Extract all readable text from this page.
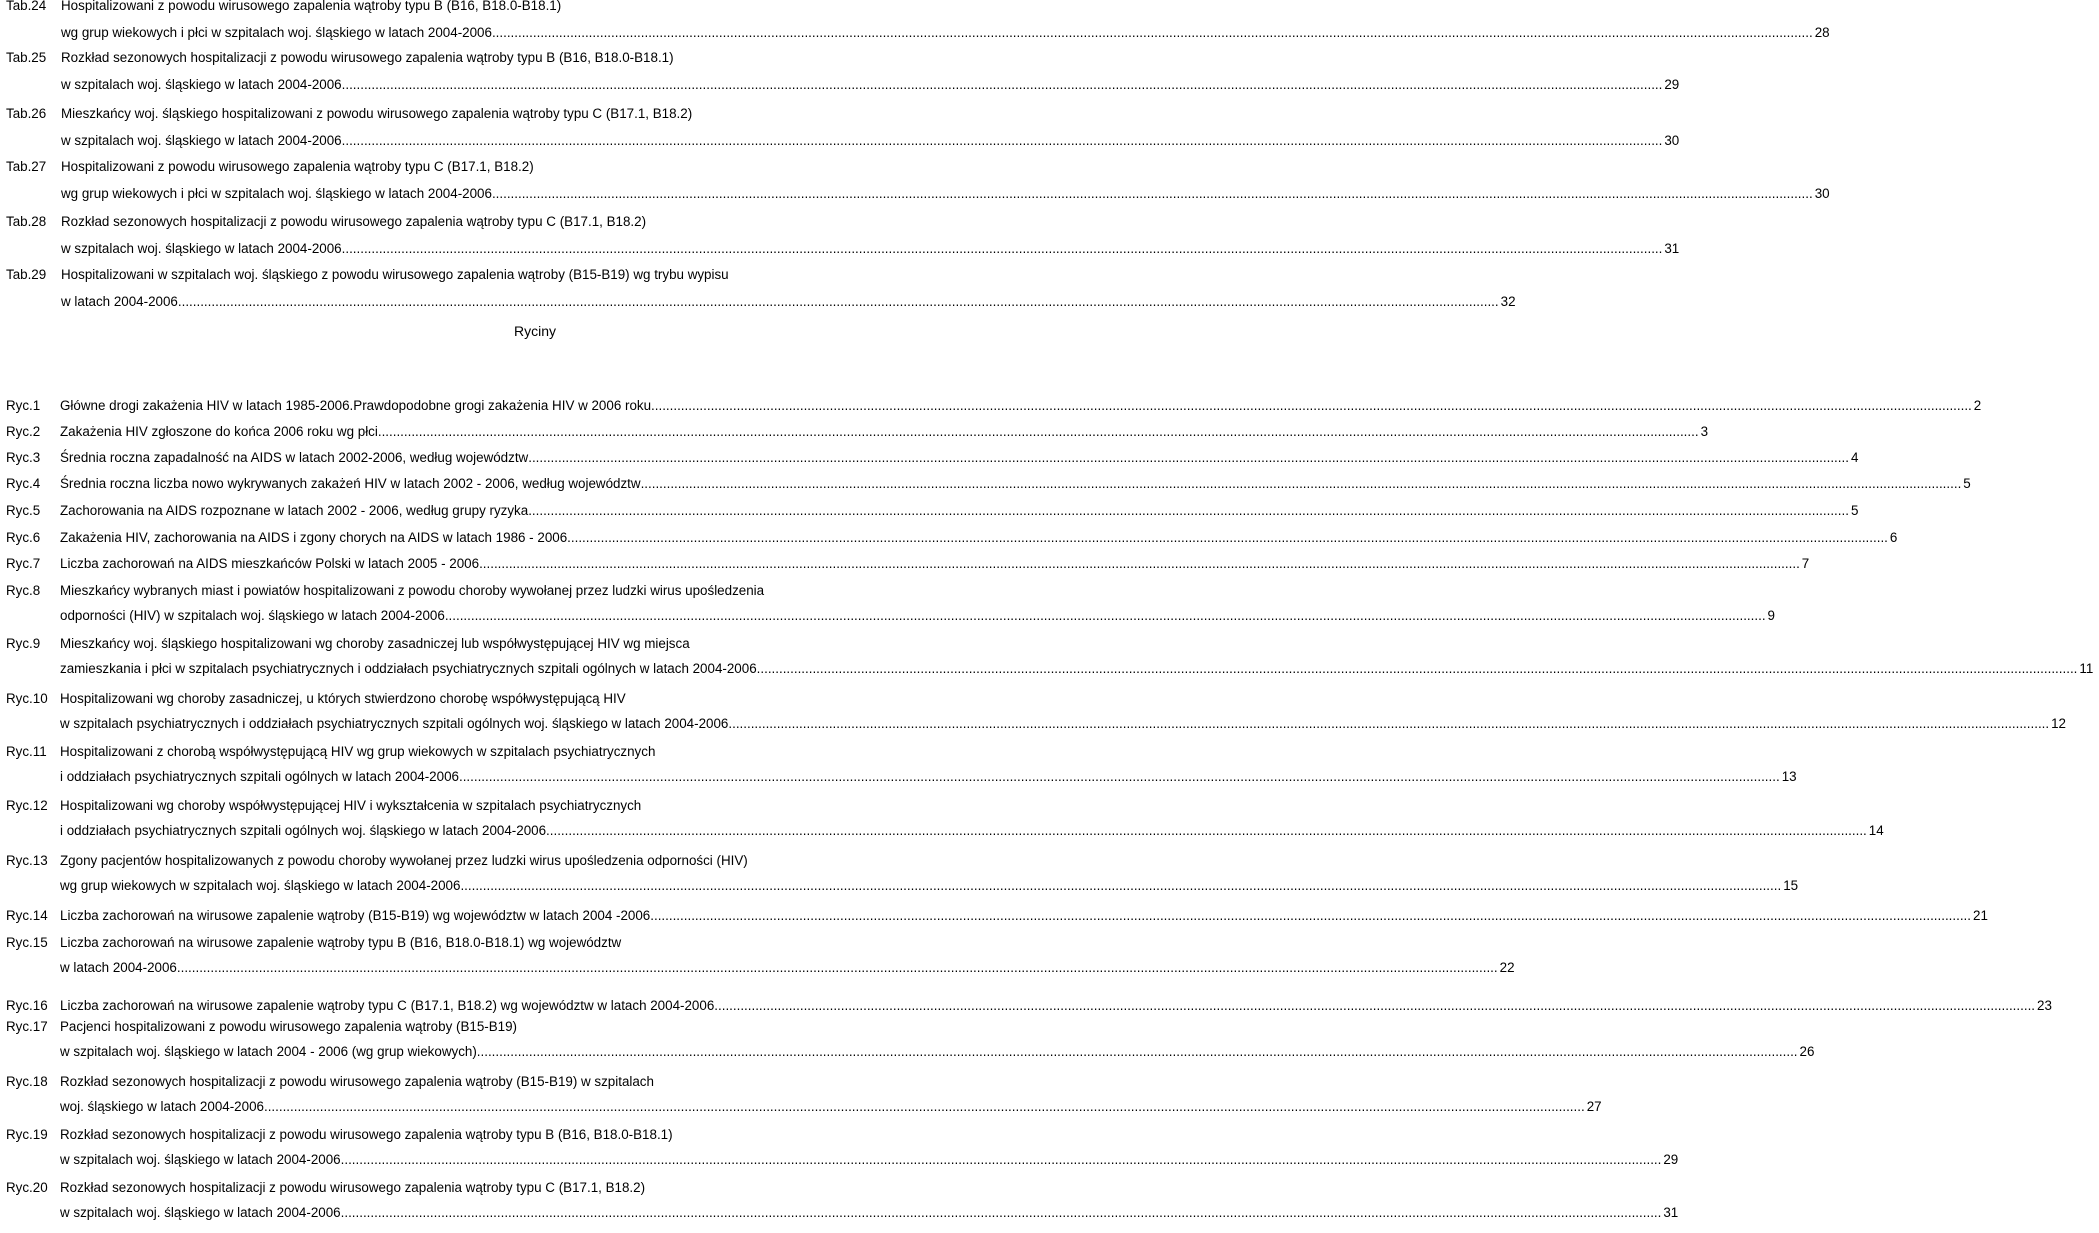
Tab.24 Hospitalizowani z powodu wirusowego zapalenia wątroby typu B (B16, B18.0-B18.1)
wg grup wiekowych i płci w szpitalach woj. śląskiego w latach 2004-2006 .....	28
Tab.25 Rozkład sezonowych hospitalizacji z powodu wirusowego zapalenia wątroby typu B (B16, B18.0-B18.1)
w szpitalach woj. śląskiego w latach 2004-2006 .....	29
Tab.26 Mieszkańcy woj. śląskiego hospitalizowani z powodu wirusowego zapalenia wątroby typu C (B17.1, B18.2)
w szpitalach woj. śląskiego w latach 2004-2006 .....	30
Tab.27 Hospitalizowani z powodu wirusowego zapalenia wątroby typu C (B17.1, B18.2)
wg grup wiekowych i płci w szpitalach woj. śląskiego w latach 2004-2006 .....	30
Tab.28 Rozkład sezonowych hospitalizacji z powodu wirusowego zapalenia wątroby typu C (B17.1, B18.2)
w szpitalach woj. śląskiego w latach 2004-2006 .....	31
Tab.29 Hospitalizowani w szpitalach woj. śląskiego z powodu wirusowego zapalenia wątroby (B15-B19) wg trybu wypisu
w latach 2004-2006 .....	32
Ryciny
Ryc.1 Główne drogi zakażenia HIV w latach 1985-2006.Prawdopodobne grogi zakażenia HIV w 2006 roku .....	2
Ryc.2 Zakażenia HIV zgłoszone do końca 2006 roku wg płci .....	3
Ryc.3 Średnia roczna zapadalność na AIDS w latach 2002-2006, według województw .....	4
Ryc.4 Średnia roczna liczba nowo wykrywanych zakażeń HIV w latach 2002 - 2006, według województw .....	5
Ryc.5 Zachorowania na AIDS rozpoznane w latach 2002 - 2006, według grupy ryzyka .....	5
Ryc.6 Zakażenia HIV, zachorowania na AIDS i zgony chorych na AIDS w latach 1986 - 2006 .....	6
Ryc.7 Liczba zachorowań na AIDS mieszkańców Polski w latach 2005 - 2006 .....	7
Ryc.8 Mieszkańcy wybranych miast i powiatów hospitalizowani z powodu choroby wywołanej przez ludzki wirus upośledzenia
odporności (HIV) w szpitalach woj. śląskiego w latach 2004-2006 .....	9
Ryc.9 Mieszkańcy woj. śląskiego hospitalizowani wg choroby zasadniczej lub współwystępującej HIV wg miejsca
zamieszkania i płci w szpitalach psychiatrycznych i oddziałach psychiatrycznych szpitali ogólnych w latach 2004-2006 .....	11
Ryc.10 Hospitalizowani wg choroby zasadniczej, u których stwierdzono chorobę współwystępującą HIV
w szpitalach psychiatrycznych i oddziałach psychiatrycznych szpitali ogólnych woj. śląskiego w latach 2004-2006 .....	12
Ryc.11 Hospitalizowani z chorobą współwystępującą HIV wg grup wiekowych w szpitalach psychiatrycznych
i oddziałach psychiatrycznych szpitali ogólnych w latach 2004-2006 .....	13
Ryc.12 Hospitalizowani wg choroby współwystępującej HIV i wykształcenia w szpitalach psychiatrycznych
i oddziałach psychiatrycznych szpitali ogólnych woj. śląskiego w latach 2004-2006 .....	14
Ryc.13 Zgony pacjentów hospitalizowanych z powodu choroby wywołanej przez ludzki wirus upośledzenia odporności (HIV)
wg grup wiekowych w szpitalach woj. śląskiego w latach 2004-2006 .....	15
Ryc.14 Liczba zachorowań na wirusowe zapalenie wątroby (B15-B19) wg województw w latach 2004 -2006 .....	21
Ryc.15 Liczba zachorowań na wirusowe zapalenie wątroby typu B (B16, B18.0-B18.1) wg województw
w latach 2004-2006 .....	22
Ryc.16 Liczba zachorowań na wirusowe zapalenie wątroby typu C (B17.1, B18.2) wg województw w latach 2004-2006 .....	23
Ryc.17 Pacjenci hospitalizowani z powodu wirusowego zapalenia wątroby (B15-B19)
w szpitalach woj. śląskiego w latach 2004 - 2006 (wg grup wiekowych) .....	26
Ryc.18 Rozkład sezonowych hospitalizacji z powodu wirusowego zapalenia wątroby (B15-B19) w szpitalach
woj. śląskiego w latach 2004-2006 .....	27
Ryc.19 Rozkład sezonowych hospitalizacji z powodu wirusowego zapalenia wątroby typu B (B16, B18.0-B18.1)
w szpitalach woj. śląskiego w latach 2004-2006 .....	29
Ryc.20 Rozkład sezonowych hospitalizacji z powodu wirusowego zapalenia wątroby typu C (B17.1, B18.2)
w szpitalach woj. śląskiego w latach 2004-2006 .....	31
